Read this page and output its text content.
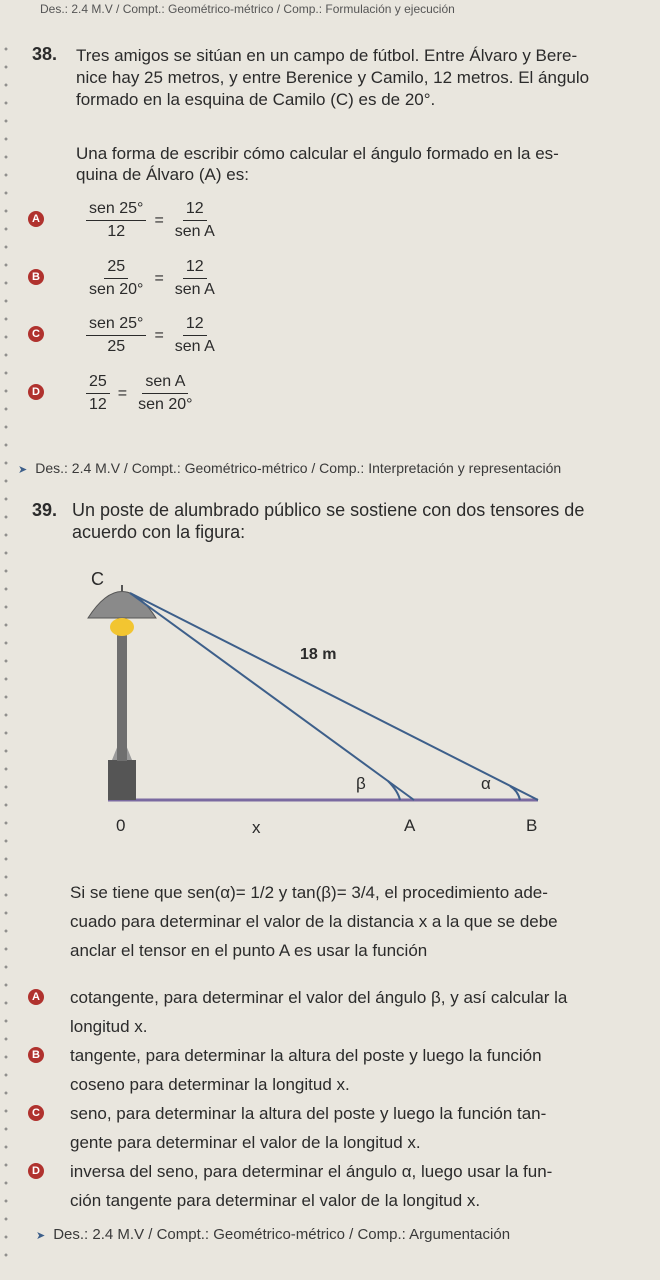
Des.: 2.4 M.V / Compt.: Geométrico-métrico / Comp.: Formulación y ejecución
38. Tres amigos se sitúan en un campo de fútbol. Entre Álvaro y Bere-
nice hay 25 metros, y entre Berenice y Camilo, 12 metros. El ángulo
formado en la esquina de Camilo (C) es de 20°.
Una forma de escribir cómo calcular el ángulo formado en la es-
quina de Álvaro (A) es:
A
sen 25°
12
=
12
sen A
B
25
sen 20°
=
12
sen A
C
sen 25°
25
=
12
sen A
D	$\frac{25}{12}$ =
sen A
sen 20°
➤ Des.: 2.4 M.V / Compt.: Geométrico-métrico / Comp.: Interpretación y representación
39. Un poste de alumbrado público se sostiene con dos tensores de
acuerdo con la figura:
C
18 m
β	α
0	x	A	B
Si se tiene que sen(α)= 1/2 y tan(β)= 3/4, el procedimiento ade-
cuado para determinar el valor de la distancia x a la que se debe
anclar el tensor en el punto A es usar la función
A cotangente, para determinar el valor del ángulo β, y así calcular la
longitud x.
B tangente, para determinar la altura del poste y luego la función
coseno para determinar la longitud x.
C seno, para determinar la altura del poste y luego la función tan-
gente para determinar el valor de la longitud x.
D inversa del seno, para determinar el ángulo α, luego usar la fun-
ción tangente para determinar el valor de la longitud x.
➤ Des.: 2.4 M.V / Compt.: Geométrico-métrico / Comp.: Argumentación
